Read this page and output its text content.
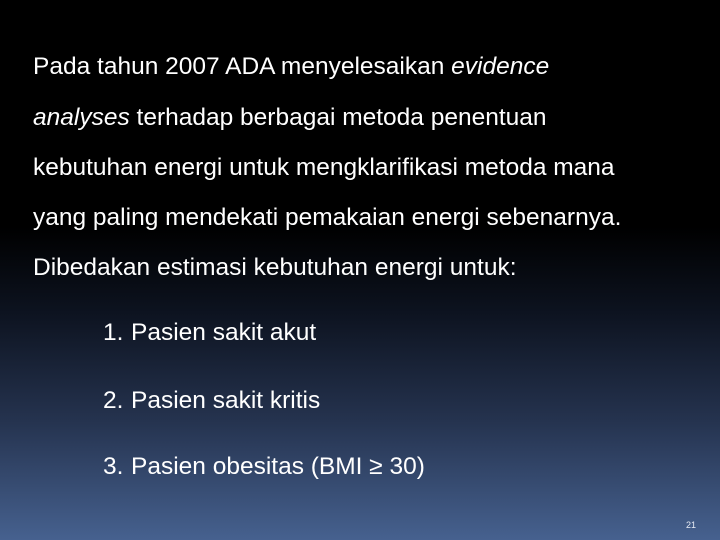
Pada tahun 2007 ADA menyelesaikan evidence

analyses terhadap berbagai metoda penentuan

kebutuhan energi untuk mengklarifikasi metoda mana

yang paling mendekati pemakaian energi sebenarnya.

Dibedakan estimasi kebutuhan energi untuk:

1. Pasien sakit akut
2. Pasien sakit kritis
3. Pasien obesitas (BMI ≥ 30)
21
